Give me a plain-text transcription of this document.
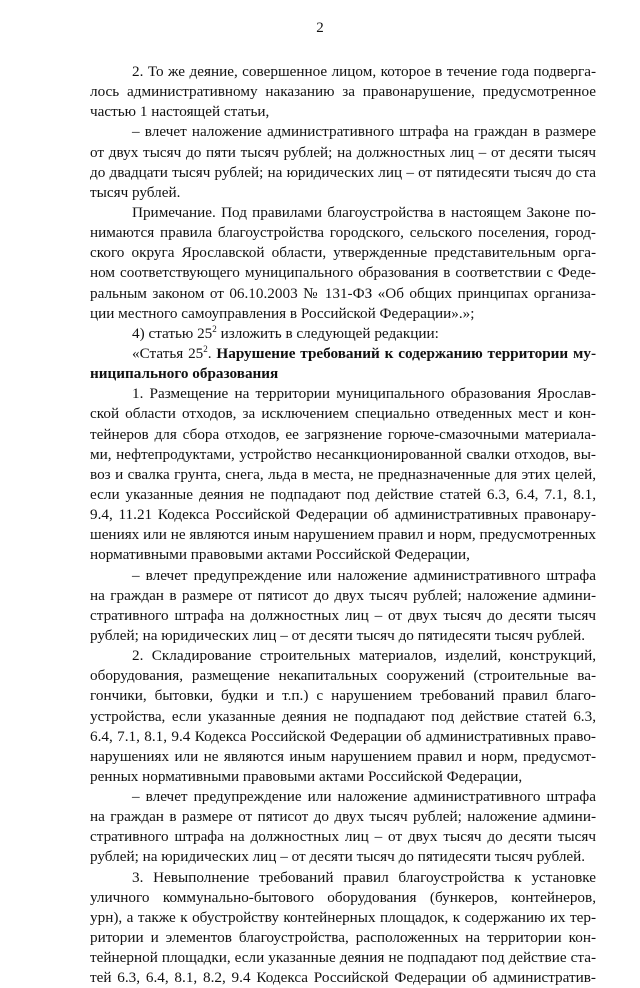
2
2. То же деяние, совершенное лицом, которое в течение года подверга-
лось административному наказанию за правонарушение, предусмотренное
частью 1 настоящей статьи,
– влечет наложение административного штрафа на граждан в размере
от двух тысяч до пяти тысяч рублей; на должностных лиц – от десяти тысяч
до двадцати тысяч рублей; на юридических лиц – от пятидесяти тысяч до ста
тысяч рублей.
Примечание. Под правилами благоустройства в настоящем Законе по-
нимаются правила благоустройства городского, сельского поселения, город-
ского округа Ярославской области, утвержденные представительным орга-
ном соответствующего муниципального образования в соответствии с Феде-
ральным законом от 06.10.2003 № 131-ФЗ «Об общих принципах организа-
ции местного самоуправления в Российской Федерации».»;
4) статью $25^2$ изложить в следующей редакции:
«Статья $25^2$. Нарушение требований к содержанию территории му-
ниципального образования
1. Размещение на территории муниципального образования Ярослав-
ской области отходов, за исключением специально отведенных мест и кон-
тейнеров для сбора отходов, ее загрязнение горюче-смазочными материала-
ми, нефтепродуктами, устройство несанкционированной свалки отходов, вы-
воз и свалка грунта, снега, льда в места, не предназначенные для этих целей,
если указанные деяния не подпадают под действие статей 6.3, 6.4, 7.1, 8.1,
9.4, 11.21 Кодекса Российской Федерации об административных правонару-
шениях или не являются иным нарушением правил и норм, предусмотренных
нормативными правовыми актами Российской Федерации,
– влечет предупреждение или наложение административного штрафа
на граждан в размере от пятисот до двух тысяч рублей; наложение админи-
стративного штрафа на должностных лиц – от двух тысяч до десяти тысяч
рублей; на юридических лиц – от десяти тысяч до пятидесяти тысяч рублей.
2. Складирование строительных материалов, изделий, конструкций,
оборудования, размещение некапитальных сооружений (строительные ва-
гончики, бытовки, будки и т.п.) с нарушением требований правил благо-
устройства, если указанные деяния не подпадают под действие статей 6.3,
6.4, 7.1, 8.1, 9.4 Кодекса Российской Федерации об административных право-
нарушениях или не являются иным нарушением правил и норм, предусмот-
ренных нормативными правовыми актами Российской Федерации,
– влечет предупреждение или наложение административного штрафа
на граждан в размере от пятисот до двух тысяч рублей; наложение админи-
стративного штрафа на должностных лиц – от двух тысяч до десяти тысяч
рублей; на юридических лиц – от десяти тысяч до пятидесяти тысяч рублей.
3. Невыполнение требований правил благоустройства к установке
уличного коммунально-бытового оборудования (бункеров, контейнеров,
урн), а также к обустройству контейнерных площадок, к содержанию их тер-
ритории и элементов благоустройства, расположенных на территории кон-
тейнерной площадки, если указанные деяния не подпадают под действие ста-
тей 6.3, 6.4, 8.1, 8.2, 9.4 Кодекса Российской Федерации об административ-
